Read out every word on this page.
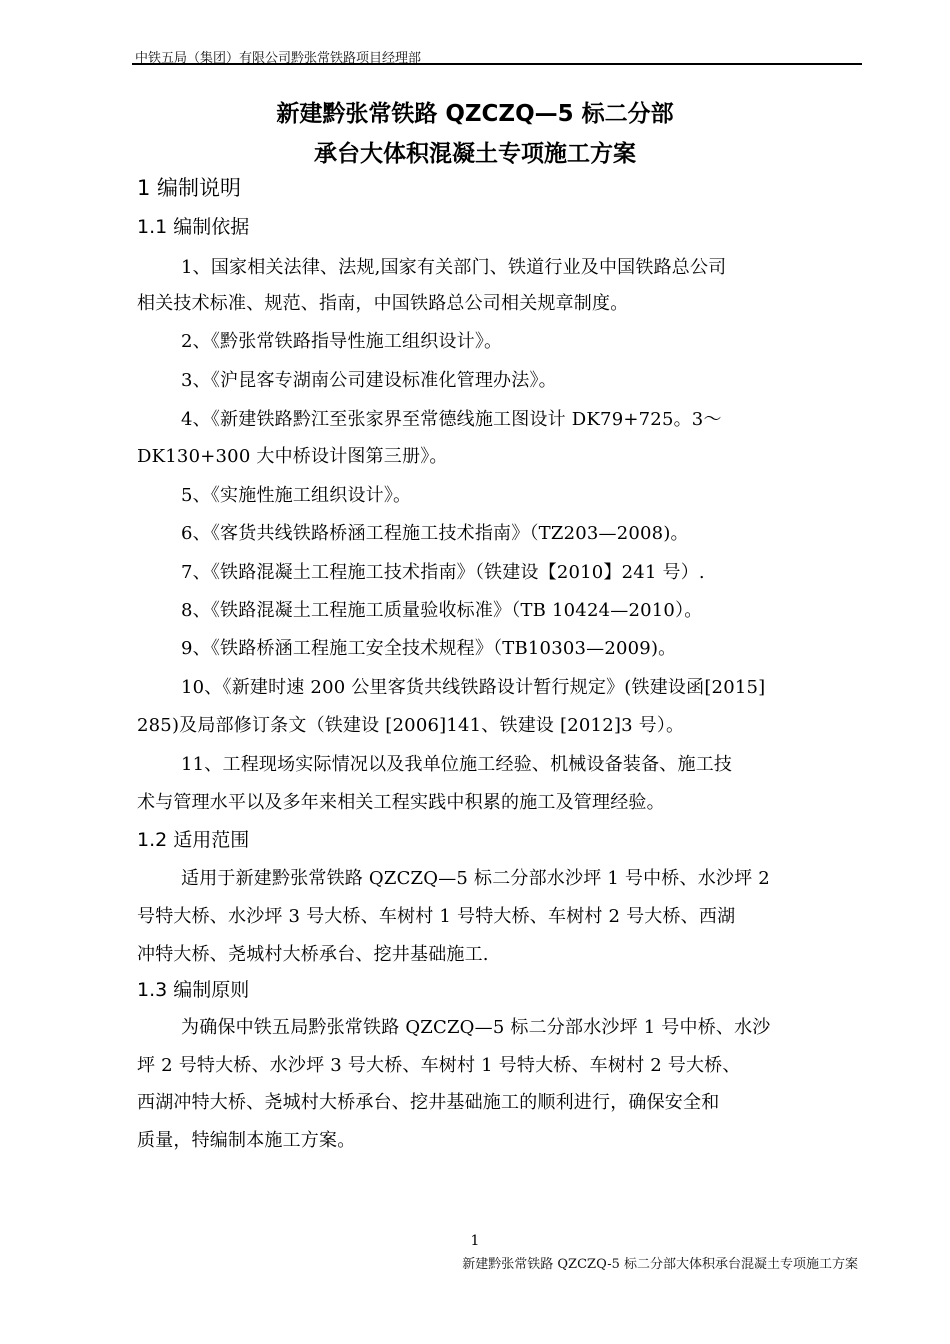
中铁五局（集团）有限公司黔张常铁路项目经理部
新建黔张常铁路 QZCZQ—5 标二分部
承台大体积混凝土专项施工方案
1 编制说明
1.1 编制依据
1、国家相关法律、法规,国家有关部门、铁道行业及中国铁路总公司
相关技术标准、规范、指南，中国铁路总公司相关规章制度。
2、《黔张常铁路指导性施工组织设计》。
3、《沪昆客专湖南公司建设标准化管理办法》。
4、《新建铁路黔江至张家界至常德线施工图设计 DK79+725。3～
DK130+300 大中桥设计图第三册》。
5、《实施性施工组织设计》。
6、《客货共线铁路桥涵工程施工技术指南》（TZ203—2008)。
7、《铁路混凝土工程施工技术指南》（铁建设【2010】241 号）.
8、《铁路混凝土工程施工质量验收标准》（TB 10424—2010）。
9、《铁路桥涵工程施工安全技术规程》（TB10303—2009)。
10、《新建时速 200 公里客货共线铁路设计暂行规定》(铁建设函[2015]
285)及局部修订条文（铁建设 [2006]141、铁建设 [2012]3 号）。
11、工程现场实际情况以及我单位施工经验、机械设备装备、施工技
术与管理水平以及多年来相关工程实践中积累的施工及管理经验。
1.2 适用范围
适用于新建黔张常铁路 QZCZQ—5 标二分部水沙坪 1 号中桥、水沙坪 2
号特大桥、水沙坪 3 号大桥、车树村 1 号特大桥、车树村 2 号大桥、西湖
冲特大桥、尧城村大桥承台、挖井基础施工.
1.3 编制原则
为确保中铁五局黔张常铁路 QZCZQ—5 标二分部水沙坪 1 号中桥、水沙
坪 2 号特大桥、水沙坪 3 号大桥、车树村 1 号特大桥、车树村 2 号大桥、
西湖冲特大桥、尧城村大桥承台、挖井基础施工的顺利进行，确保安全和
质量，特编制本施工方案。
1
新建黔张常铁路 QZCZQ-5 标二分部大体积承台混凝土专项施工方案
